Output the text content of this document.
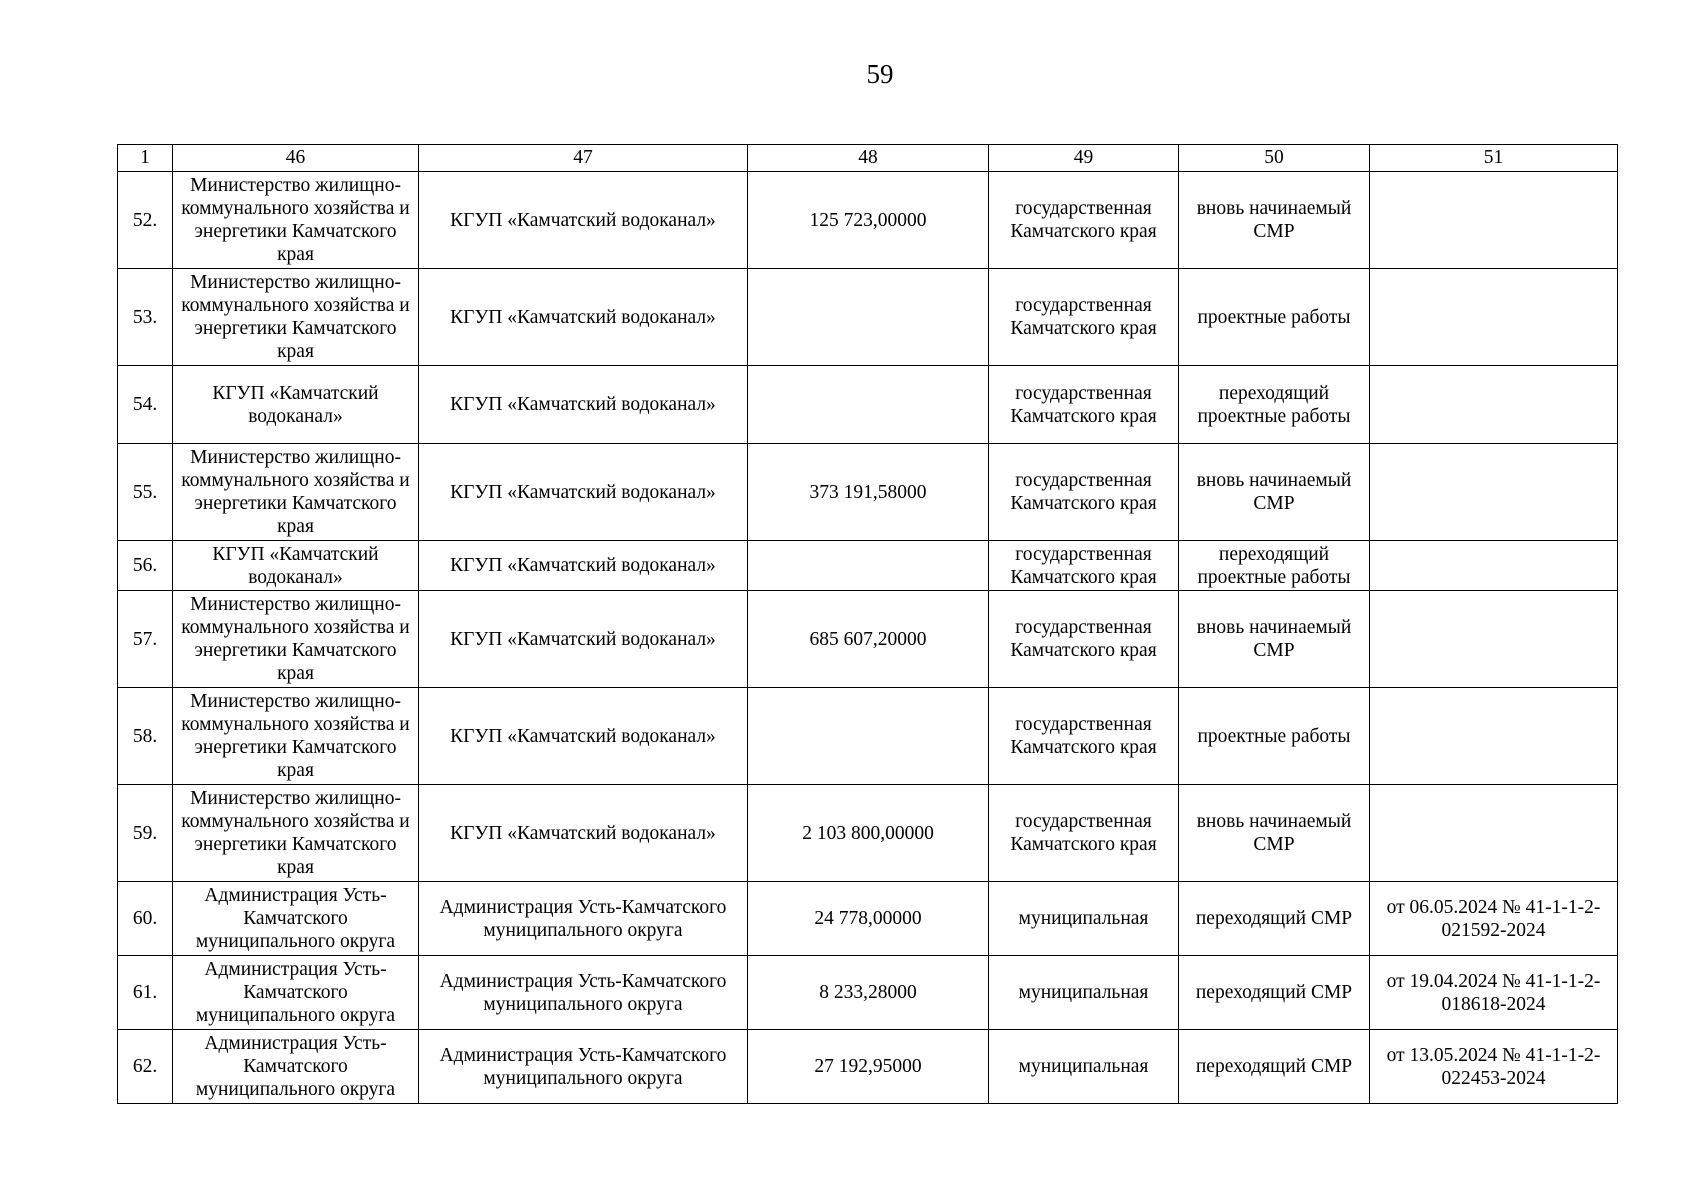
59
1	46	47	48	49	50	51
52.	Министерство жилищно-коммунального хозяйства и энергетики Камчатского края	КГУП «Камчатский водоканал»	125 723,00000	государственная Камчатского края	вновь начинаемый СМР	
53.	Министерство жилищно-коммунального хозяйства и энергетики Камчатского края	КГУП «Камчатский водоканал»		государственная Камчатского края	проектные работы	
54.	КГУП «Камчатский водоканал»	КГУП «Камчатский водоканал»		государственная Камчатского края	переходящий проектные работы	
55.	Министерство жилищно-коммунального хозяйства и энергетики Камчатского края	КГУП «Камчатский водоканал»	373 191,58000	государственная Камчатского края	вновь начинаемый СМР	
56.	КГУП «Камчатский водоканал»	КГУП «Камчатский водоканал»		государственная Камчатского края	переходящий проектные работы	
57.	Министерство жилищно-коммунального хозяйства и энергетики Камчатского края	КГУП «Камчатский водоканал»	685 607,20000	государственная Камчатского края	вновь начинаемый СМР	
58.	Министерство жилищно-коммунального хозяйства и энергетики Камчатского края	КГУП «Камчатский водоканал»		государственная Камчатского края	проектные работы	
59.	Министерство жилищно-коммунального хозяйства и энергетики Камчатского края	КГУП «Камчатский водоканал»	2 103 800,00000	государственная Камчатского края	вновь начинаемый СМР	
60.	Администрация Усть-Камчатского муниципального округа	Администрация Усть-Камчатского муниципального округа	24 778,00000	муниципальная	переходящий СМР	от 06.05.2024 № 41-1-1-2-021592-2024
61.	Администрация Усть-Камчатского муниципального округа	Администрация Усть-Камчатского муниципального округа	8 233,28000	муниципальная	переходящий СМР	от 19.04.2024 № 41-1-1-2-018618-2024
62.	Администрация Усть-Камчатского муниципального округа	Администрация Усть-Камчатского муниципального округа	27 192,95000	муниципальная	переходящий СМР	от 13.05.2024 № 41-1-1-2-022453-2024
